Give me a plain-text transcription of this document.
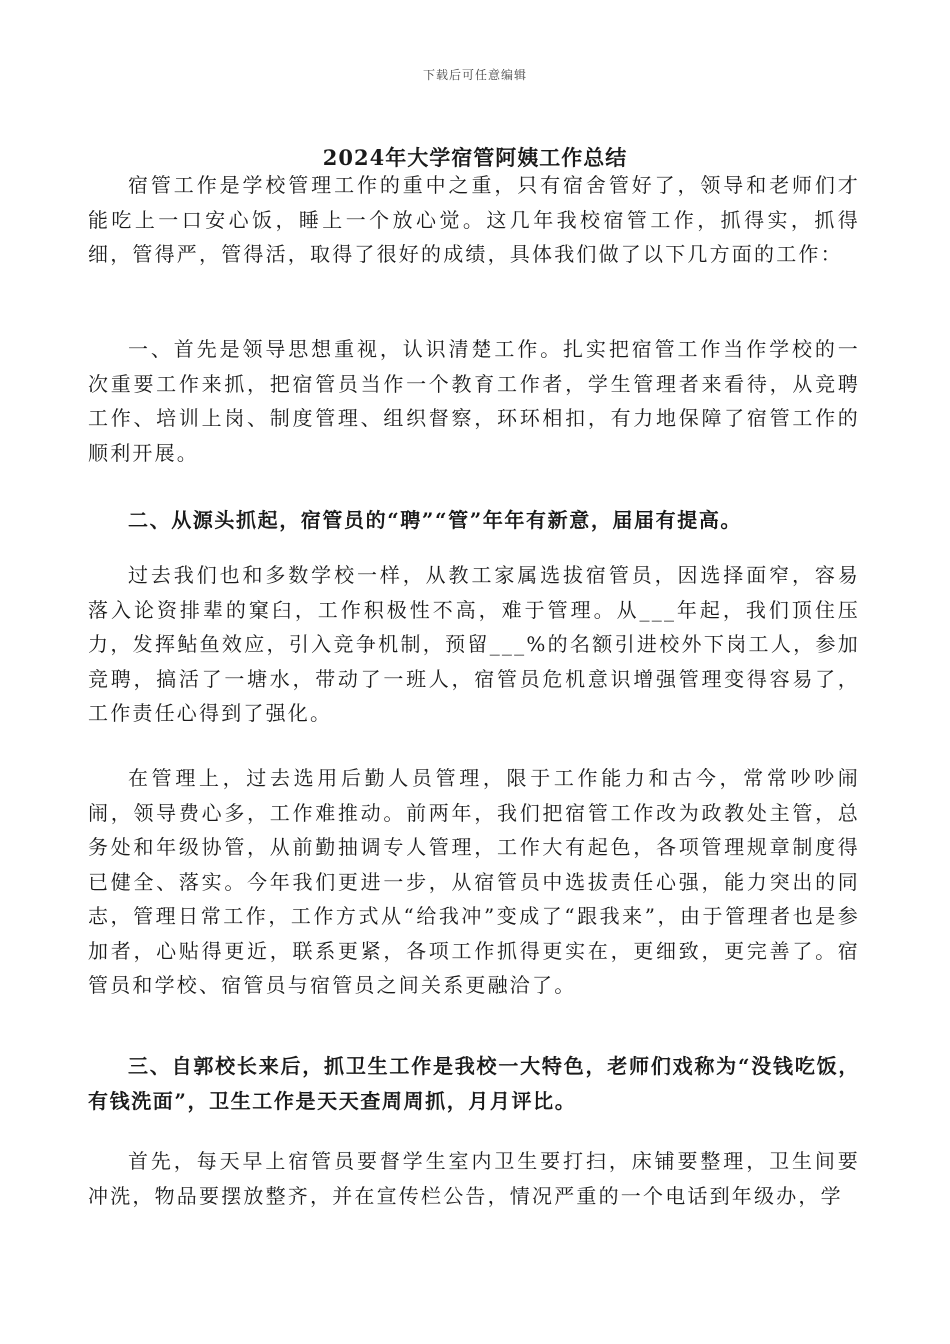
下载后可任意编辑
2024年大学宿管阿姨工作总结

宿管工作是学校管理工作的重中之重，只有宿舍管好了，领导和老师们才能吃上一口安心饭，睡上一个放心觉。这几年我校宿管工作，抓得实，抓得细，管得严，管得活，取得了很好的成绩，具体我们做了以下几方面的工作：

一、首先是领导思想重视，认识清楚工作。扎实把宿管工作当作学校的一次重要工作来抓，把宿管员当作一个教育工作者，学生管理者来看待，从竞聘工作、培训上岗、制度管理、组织督察，环环相扣，有力地保障了宿管工作的顺利开展。

二、从源头抓起，宿管员的“聘”“管”年年有新意，届届有提高。

过去我们也和多数学校一样，从教工家属选拔宿管员，因选择面窄，容易落入论资排辈的窠臼，工作积极性不高，难于管理。从___年起，我们顶住压力，发挥鲇鱼效应，引入竞争机制，预留___%的名额引进校外下岗工人，参加竞聘，搞活了一塘水，带动了一班人，宿管员危机意识增强管理变得容易了，工作责任心得到了强化。

在管理上，过去选用后勤人员管理，限于工作能力和古今，常常吵吵闹闹，领导费心多，工作难推动。前两年，我们把宿管工作改为政教处主管，总务处和年级协管，从前勤抽调专人管理，工作大有起色，各项管理规章制度得已健全、落实。今年我们更进一步，从宿管员中选拔责任心强，能力突出的同志，管理日常工作，工作方式从“给我冲”变成了“跟我来”，由于管理者也是参加者，心贴得更近，联系更紧，各项工作抓得更实在，更细致，更完善了。宿管员和学校、宿管员与宿管员之间关系更融洽了。

三、自郭校长来后，抓卫生工作是我校一大特色，老师们戏称为“没钱吃饭，有钱洗面”，卫生工作是天天查周周抓，月月评比。

首先，每天早上宿管员要督学生室内卫生要打扫，床铺要整理，卫生间要冲洗，物品要摆放整齐，并在宣传栏公告，情况严重的一个电话到年级办，学
